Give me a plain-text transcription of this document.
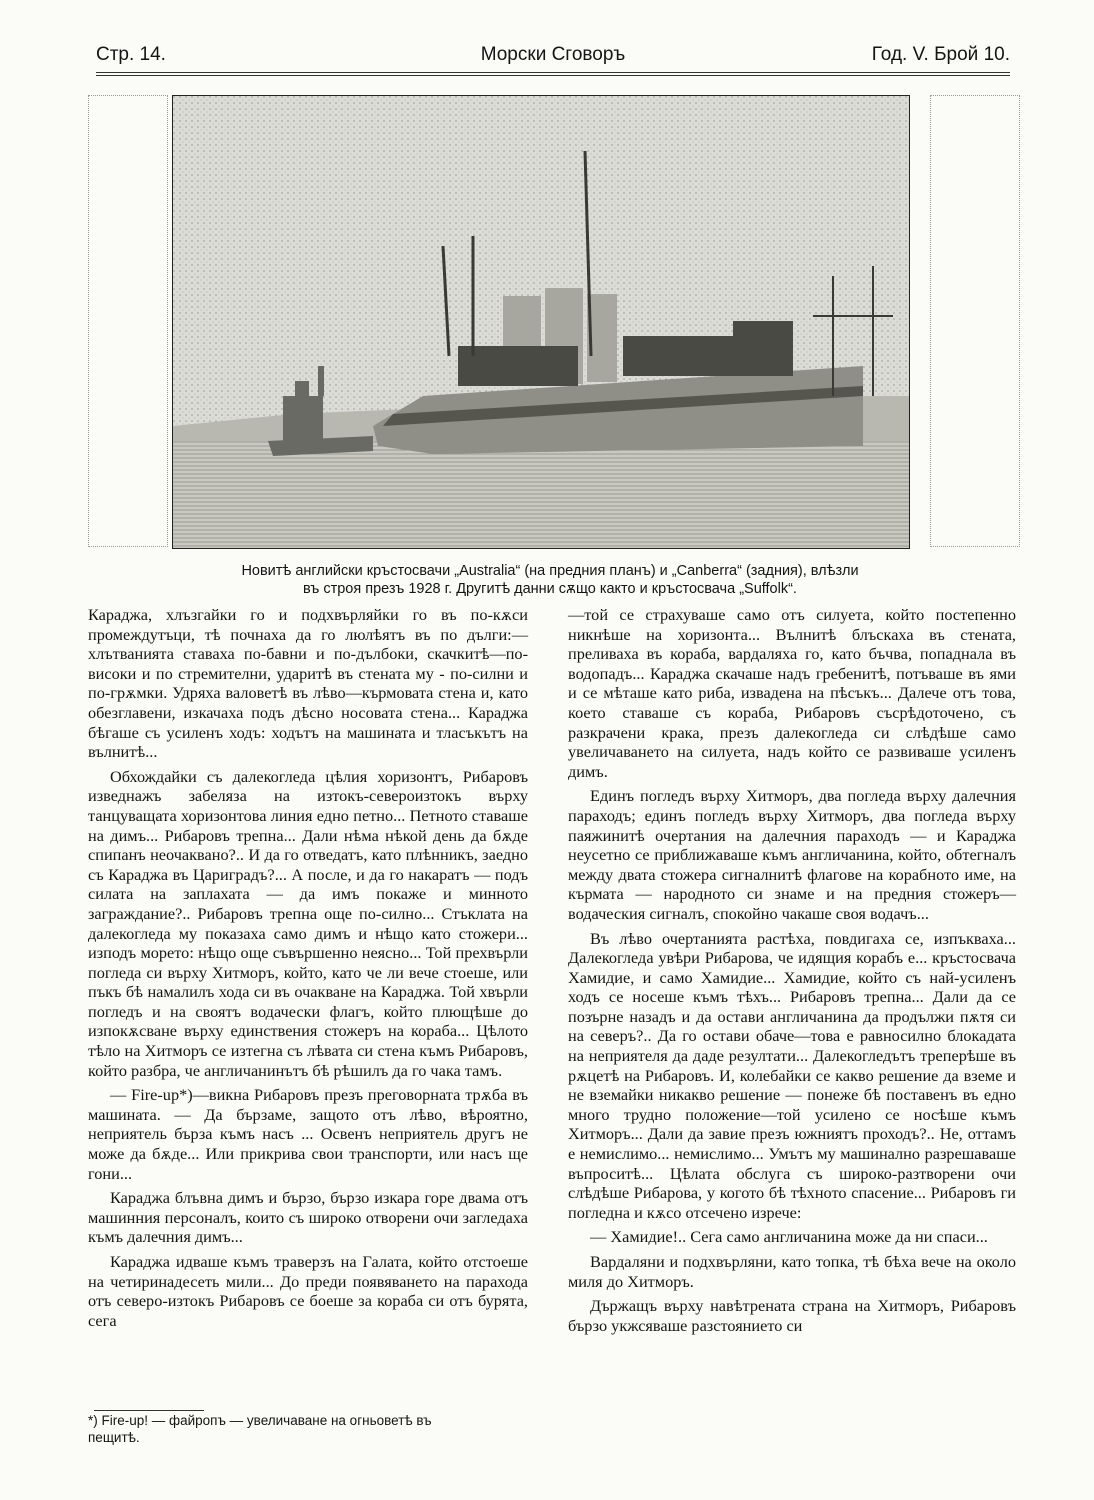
Стр. 14.	Морски Сговоръ	Год. V. Брой 10.
Новитѣ английски кръстосвачи „Australia“ (на предния планъ) и „Canberra“ (задния), влѣзли
въ строя презъ 1928 г. Другитѣ данни сѫщо както и кръстосвача „Suffolk“.

Караджа, хлъзгайки го и подхвърляйки го въ по-кѫси промеждутъци, тѣ почнаха да го люлѣятъ въ по дълги:—хлътванията ставаха по-бавни и по-дълбоки, скачкитѣ—по-високи и по стремителни, ударитѣ въ стената му - по-силни и по-грѫмки. Удряха валоветѣ въ лѣво—кърмовата стена и, като обезглавени, изкачаха подъ дѣсно носовата стена... Караджа бѣгаше съ усиленъ ходъ: ходътъ на машината и тласъкътъ на вълнитѣ...

Обхождайки съ далекогледа цѣлия хоризонтъ, Рибаровъ изведнажъ забеляза на изтокъ-североизтокъ върху танцуващата хоризонтова линия едно петно... Петното ставаше на димъ... Рибаровъ трепна... Дали нѣма нѣкой день да бѫде спипанъ неочаквано?.. И да го отведатъ, като плѣнникъ, заедно съ Караджа въ Цариградъ?... А после, и да го накаратъ — подъ силата на заплахата — да имъ покаже и минното заграждание?.. Рибаровъ трепна още по-силно... Стъклата на далекогледа му показаха само димъ и нѣщо като стожери... изподъ морето: нѣщо още съвършенно неясно... Той прехвърли погледа си върху Хитморъ, който, като че ли вече стоеше, или пъкъ бѣ намалилъ хода си въ очакване на Караджа. Той хвърли погледъ и на своятъ водачески флагъ, който плющѣше до изпокѫсване върху единствения стожеръ на кораба... Цѣлото тѣло на Хитморъ се изтегна съ лѣвата си стена къмъ Рибаровъ, който разбра, че англичанинътъ бѣ рѣшилъ да го чака тамъ.

— Fire-up*)—викна Рибаровъ презъ преговорната трѫба въ машината. — Да бързаме, защото отъ лѣво, вѣроятно, неприятель бърза къмъ насъ ... Освенъ неприятель другъ не може да бѫде... Или прикрива свои транспорти, или насъ ще гони...

Караджа блъвна димъ и бързо, бързо изкара горе двама отъ машинния персоналъ, които съ широко отворени очи загледаха къмъ далечния димъ...

Караджа идваше къмъ траверзъ на Галата, който отстоеше на четиринадесеть мили... До преди появяването на парахода отъ северо-изтокъ Рибаровъ се боеше за кораба си отъ бурята, сега

—той се страхуваше само отъ силуета, който постепенно никнѣше на хоризонта... Вълнитѣ блъскаха въ стената, преливаха въ кораба, вардаляха го, като бъчва, попаднала въ водопадъ... Караджа скачаше надъ гребенитѣ, потъваше въ ями и се мѣташе като риба, извадена на пѣсъкъ... Далече отъ това, което ставаше съ кораба, Рибаровъ съсрѣдоточено, съ разкрачени крака, презъ далекогледа си слѣдѣше само увеличаването на силуета, надъ който се развиваше усиленъ димъ.

Единъ погледъ върху Хитморъ, два погледа върху далечния параходъ; единъ погледъ върху Хитморъ, два погледа върху паяжинитѣ очертания на далечния параходъ — и Караджа неусетно се приближаваше къмъ англичанина, който, обтегналъ между двата стожера сигналнитѣ флагове на корабното име, на кърмата — народното си знаме и на предния стожеръ—водаческия сигналъ, спокойно чакаше своя водачъ...

Въ лѣво очертанията растѣха, повдигаха се, изпъкваха... Далекогледа увѣри Рибарова, че идящия корабъ е... кръстосвача Хамидие, и само Хамидие... Хамидие, който съ най-усиленъ ходъ се носеше къмъ тѣхъ... Рибаровъ трепна... Дали да се позърне назадъ и да остави англичанина да продължи пѫтя си на северъ?.. Да го остави обаче—това е равносилно блокадата на неприятеля да даде резултати... Далекогледътъ треперѣше въ рѫцетѣ на Рибаровъ. И, колебайки се какво решение да вземе и не вземайки никакво решение — понеже бѣ поставенъ въ едно много трудно положение—той усилено се носѣше къмъ Хитморъ... Дали да завие презъ южниятъ проходъ?.. Не, оттамъ е немислимо... немислимо... Умътъ му машинално разрешаваше въпроситѣ... Цѣлата обслуга съ широко-разтворени очи слѣдѣше Рибарова, у когото бѣ тѣхното спасение... Рибаровъ ги погледна и кѫсо отсечено изрече:

— Хамидие!.. Сега само англичанина може да ни спаси...

Вардаляни и подхвърляни, като топка, тѣ бѣха вече на около миля до Хитморъ.

Държащъ върху навѣтрената страна на Хитморъ, Рибаровъ бързо укжсяваше разстоянието си

*) Fire-up! — файропъ — увеличаване на огньоветѣ въ
пещитѣ.
